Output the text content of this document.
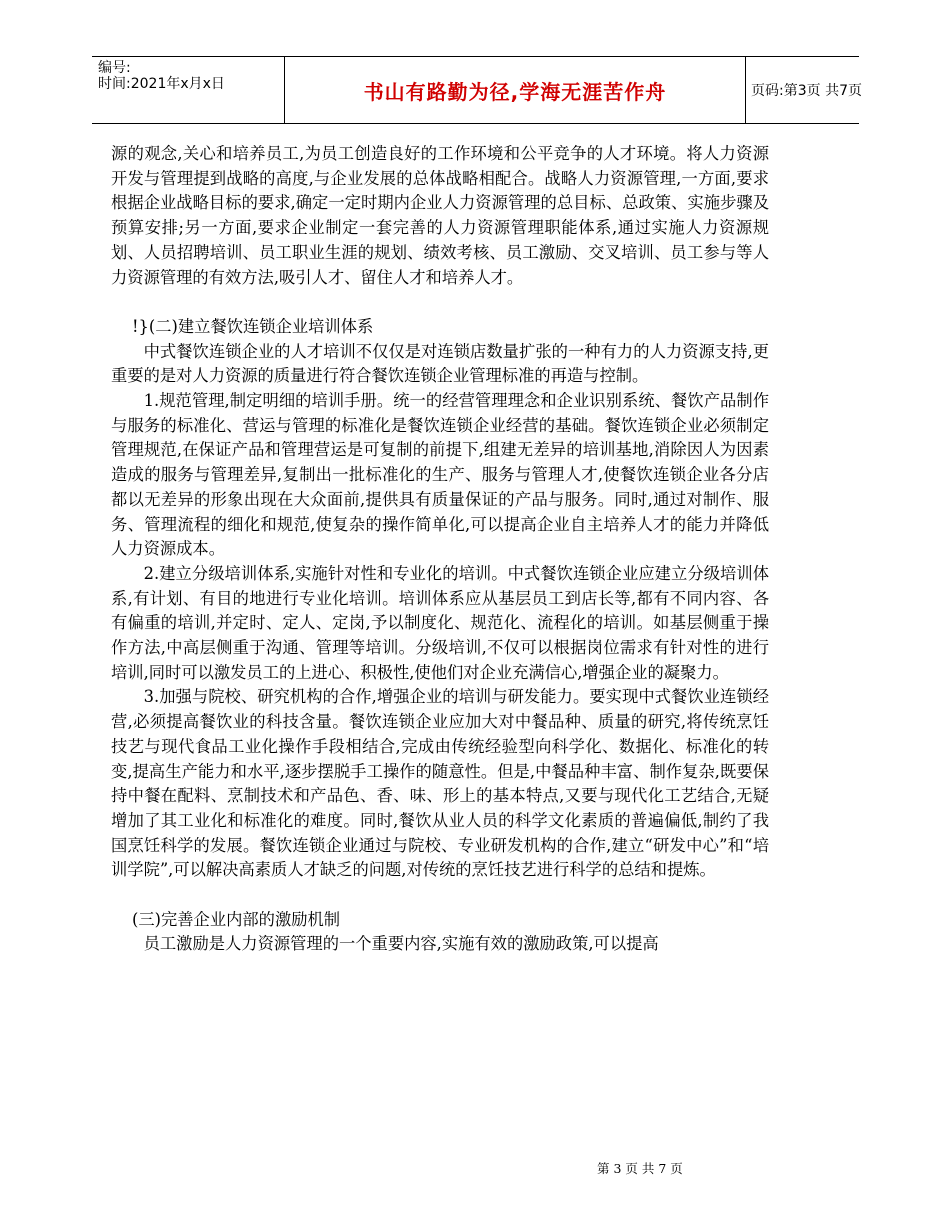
编号:
时间:2021年x月x日	书山有路勤为径,学海无涯苦作舟	页码:第3页 共7页

源的观念,关心和培养员工,为员工创造良好的工作环境和公平竞争的人才环境。将人力资源开发与管理提到战略的高度,与企业发展的总体战略相配合。战略人力资源管理,一方面,要求根据企业战略目标的要求,确定一定时期内企业人力资源管理的总目标、总政策、实施步骤及预算安排;另一方面,要求企业制定一套完善的人力资源管理职能体系,通过实施人力资源规划、人员招聘培训、员工职业生涯的规划、绩效考核、员工激励、交叉培训、员工参与等人力资源管理的有效方法,吸引人才、留住人才和培养人才。

!}(二)建立餐饮连锁企业培训体系

中式餐饮连锁企业的人才培训不仅仅是对连锁店数量扩张的一种有力的人力资源支持,更重要的是对人力资源的质量进行符合餐饮连锁企业管理标准的再造与控制。

1.规范管理,制定明细的培训手册。统一的经营管理理念和企业识别系统、餐饮产品制作与服务的标准化、营运与管理的标准化是餐饮连锁企业经营的基础。餐饮连锁企业必须制定管理规范,在保证产品和管理营运是可复制的前提下,组建无差异的培训基地,消除因人为因素造成的服务与管理差异,复制出一批标准化的生产、服务与管理人才,使餐饮连锁企业各分店都以无差异的形象出现在大众面前,提供具有质量保证的产品与服务。同时,通过对制作、服务、管理流程的细化和规范,使复杂的操作简单化,可以提高企业自主培养人才的能力并降低人力资源成本。

2.建立分级培训体系,实施针对性和专业化的培训。中式餐饮连锁企业应建立分级培训体系,有计划、有目的地进行专业化培训。培训体系应从基层员工到店长等,都有不同内容、各有偏重的培训,并定时、定人、定岗,予以制度化、规范化、流程化的培训。如基层侧重于操作方法,中高层侧重于沟通、管理等培训。分级培训,不仅可以根据岗位需求有针对性的进行培训,同时可以激发员工的上进心、积极性,使他们对企业充满信心,增强企业的凝聚力。

3.加强与院校、研究机构的合作,增强企业的培训与研发能力。要实现中式餐饮业连锁经营,必须提高餐饮业的科技含量。餐饮连锁企业应加大对中餐品种、质量的研究,将传统烹饪技艺与现代食品工业化操作手段相结合,完成由传统经验型向科学化、数据化、标准化的转变,提高生产能力和水平,逐步摆脱手工操作的随意性。但是,中餐品种丰富、制作复杂,既要保持中餐在配料、烹制技术和产品色、香、味、形上的基本特点,又要与现代化工艺结合,无疑增加了其工业化和标准化的难度。同时,餐饮从业人员的科学文化素质的普遍偏低,制约了我国烹饪科学的发展。餐饮连锁企业通过与院校、专业研发机构的合作,建立“研发中心”和“培训学院”,可以解决高素质人才缺乏的问题,对传统的烹饪技艺进行科学的总结和提炼。

(三)完善企业内部的激励机制

员工激励是人力资源管理的一个重要内容,实施有效的激励政策,可以提高

第 3 页 共 7 页
